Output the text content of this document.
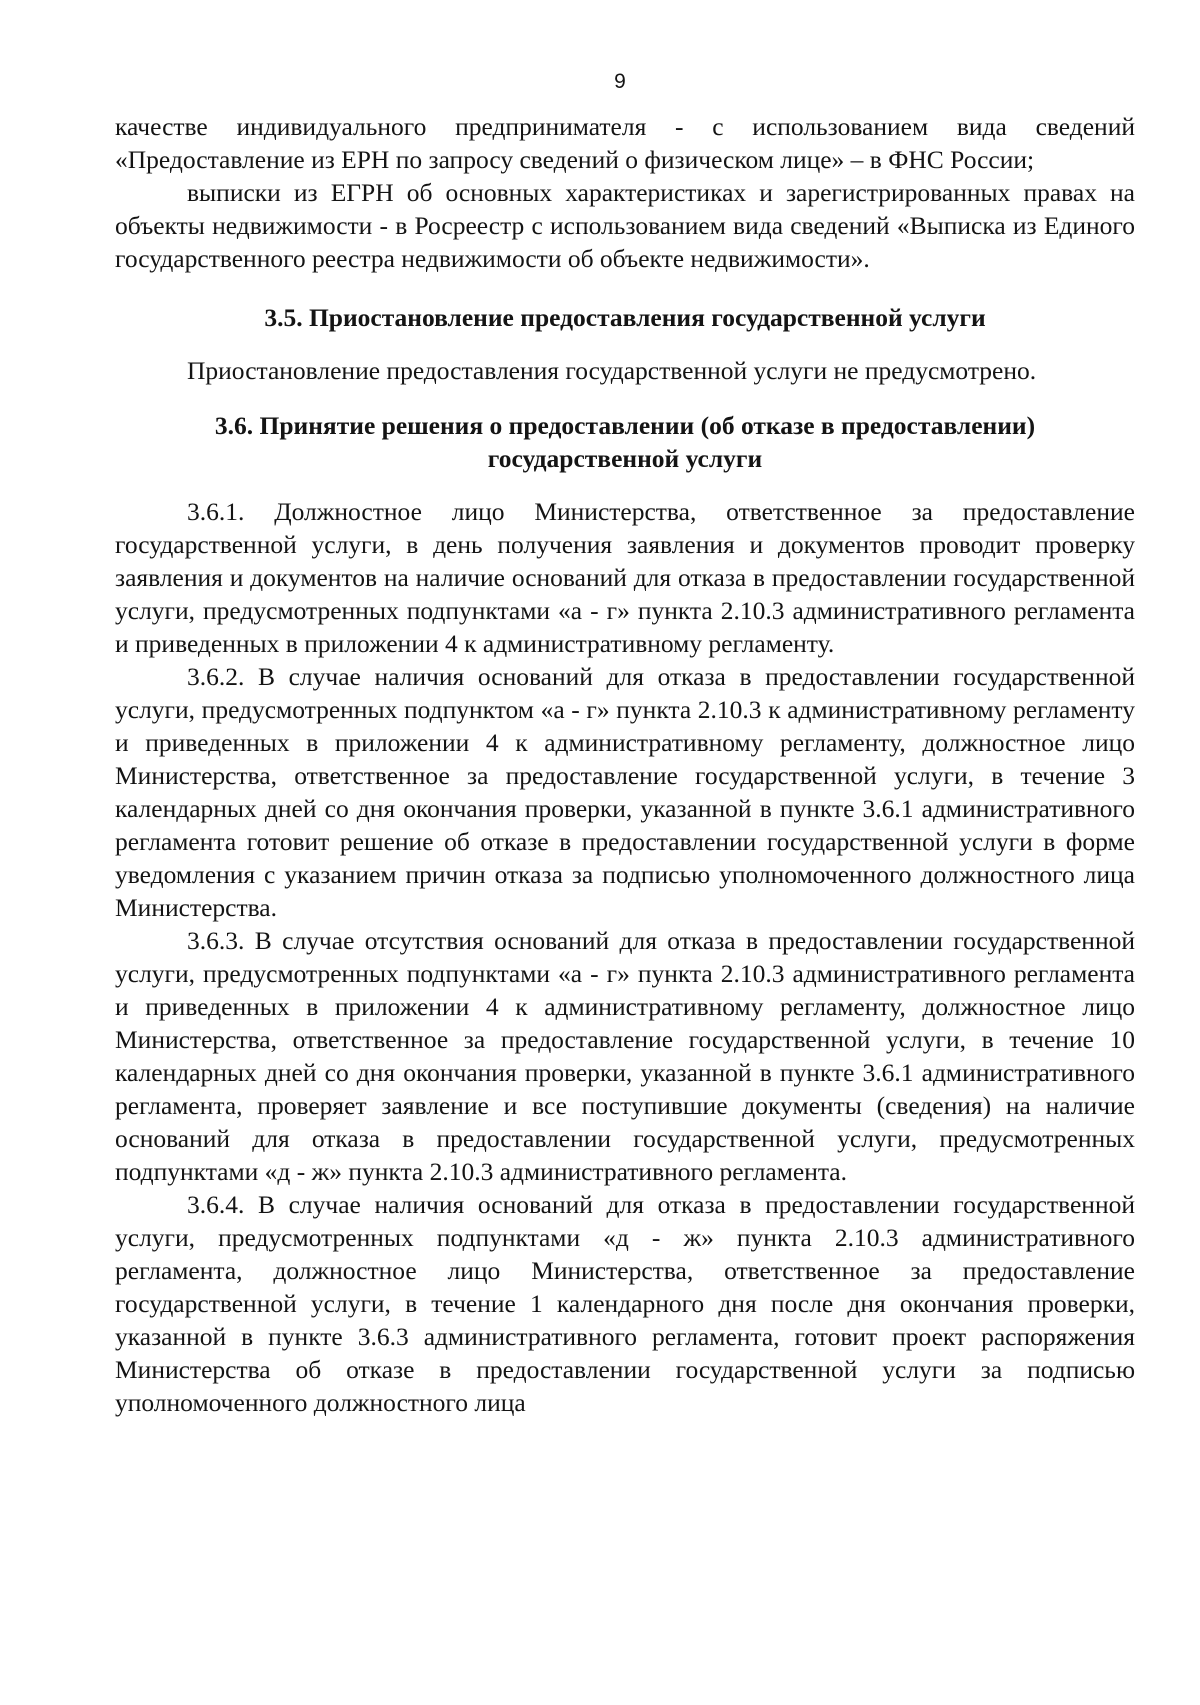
9

качестве индивидуального предпринимателя - с использованием вида сведений «Предоставление из ЕРН по запросу сведений о физическом лице» – в ФНС России;

выписки из ЕГРН об основных характеристиках и зарегистрированных правах на объекты недвижимости - в Росреестр с использованием вида сведений «Выписка из Единого государственного реестра недвижимости об объекте недвижимости».

3.5. Приостановление предоставления государственной услуги

Приостановление предоставления государственной услуги не предусмотрено.

3.6. Принятие решения о предоставлении (об отказе в предоставлении)
государственной услуги

3.6.1. Должностное лицо Министерства, ответственное за предоставление государственной услуги, в день получения заявления и документов проводит проверку заявления и документов на наличие оснований для отказа в предоставлении государственной услуги, предусмотренных подпунктами «а - г» пункта 2.10.3 административного регламента и приведенных в приложении 4 к административному регламенту.

3.6.2. В случае наличия оснований для отказа в предоставлении государственной услуги, предусмотренных подпунктом «а - г» пункта 2.10.3 к административному регламенту и приведенных в приложении 4 к административному регламенту, должностное лицо Министерства, ответственное за предоставление государственной услуги, в течение 3 календарных дней со дня окончания проверки, указанной в пункте 3.6.1 административного регламента готовит решение об отказе в предоставлении государственной услуги в форме уведомления с указанием причин отказа за подписью уполномоченного должностного лица Министерства.

3.6.3. В случае отсутствия оснований для отказа в предоставлении государственной услуги, предусмотренных подпунктами «а - г» пункта 2.10.3 административного регламента и приведенных в приложении 4 к административному регламенту, должностное лицо Министерства, ответственное за предоставление государственной услуги, в течение 10 календарных дней со дня окончания проверки, указанной в пункте 3.6.1 административного регламента, проверяет заявление и все поступившие документы (сведения) на наличие оснований для отказа в предоставлении государственной услуги, предусмотренных подпунктами «д - ж» пункта 2.10.3 административного регламента.

3.6.4. В случае наличия оснований для отказа в предоставлении государственной услуги, предусмотренных подпунктами «д - ж» пункта 2.10.3 административного регламента, должностное лицо Министерства, ответственное за предоставление государственной услуги, в течение 1 календарного дня после дня окончания проверки, указанной в пункте 3.6.3 административного регламента, готовит проект распоряжения Министерства об отказе в предоставлении государственной услуги за подписью уполномоченного должностного лица
